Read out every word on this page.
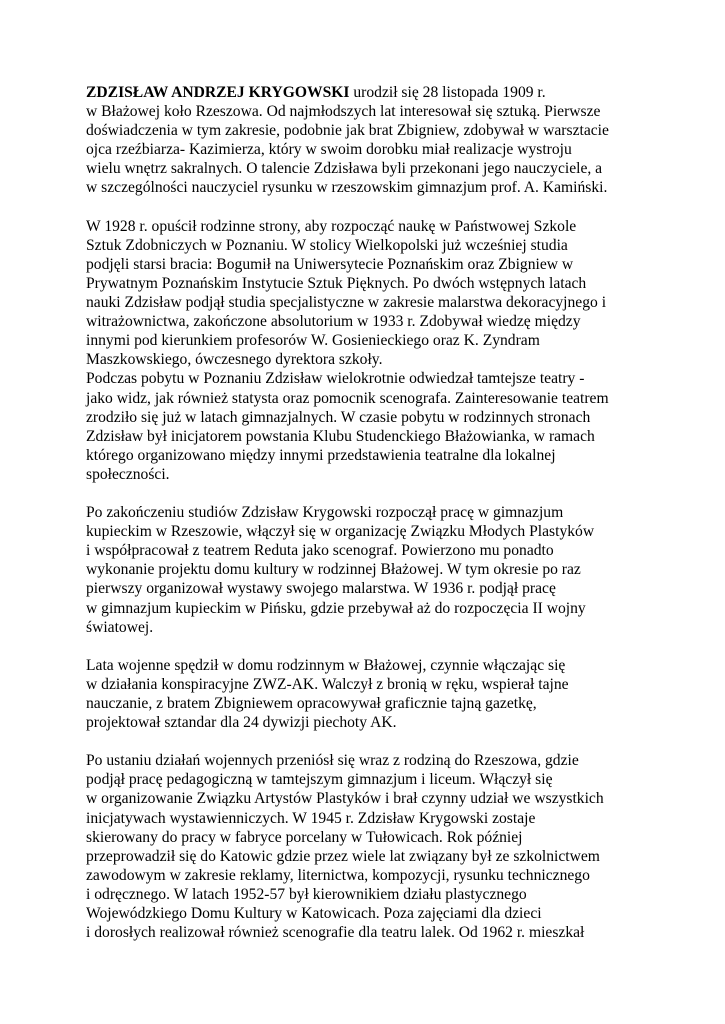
ZDZISŁAW ANDRZEJ KRYGOWSKI urodził się 28 listopada 1909 r.
w Błażowej koło Rzeszowa. Od najmłodszych lat interesował się sztuką. Pierwsze
doświadczenia w tym zakresie, podobnie jak brat Zbigniew, zdobywał w warsztacie
ojca rzeźbiarza- Kazimierza, który w swoim dorobku miał realizacje wystroju
wielu wnętrz sakralnych. O talencie Zdzisława byli przekonani jego nauczyciele, a
w szczególności nauczyciel rysunku w rzeszowskim gimnazjum prof. A. Kamiński.
W 1928 r. opuścił rodzinne strony, aby rozpocząć naukę w Państwowej Szkole
Sztuk Zdobniczych w Poznaniu. W stolicy Wielkopolski już wcześniej studia
podjęli starsi bracia: Bogumił na Uniwersytecie Poznańskim oraz Zbigniew w
Prywatnym Poznańskim Instytucie Sztuk Pięknych. Po dwóch wstępnych latach
nauki Zdzisław podjął studia specjalistyczne w zakresie malarstwa dekoracyjnego i
witrażownictwa, zakończone absolutorium w 1933 r. Zdobywał wiedzę między
innymi pod kierunkiem profesorów W. Gosienieckiego oraz K. Zyndram
Maszkowskiego, ówczesnego dyrektora szkoły.
Podczas pobytu w Poznaniu Zdzisław wielokrotnie odwiedzał tamtejsze teatry -
jako widz, jak również statysta oraz pomocnik scenografa. Zainteresowanie teatrem
zrodziło się już w latach gimnazjalnych. W czasie pobytu w rodzinnych stronach
Zdzisław był inicjatorem powstania Klubu Studenckiego Błażowianka, w ramach
którego organizowano między innymi przedstawienia teatralne dla lokalnej
społeczności.
Po zakończeniu studiów Zdzisław Krygowski rozpoczął pracę w gimnazjum
kupieckim w Rzeszowie, włączył się w organizację Związku Młodych Plastyków
i współpracował z teatrem Reduta jako scenograf. Powierzono mu ponadto
wykonanie projektu domu kultury w rodzinnej Błażowej. W tym okresie po raz
pierwszy organizował wystawy swojego malarstwa. W 1936 r. podjął pracę
w gimnazjum kupieckim w Pińsku, gdzie przebywał aż do rozpoczęcia II wojny
światowej.
Lata wojenne spędził w domu rodzinnym w Błażowej, czynnie włączając się
w działania konspiracyjne ZWZ-AK. Walczył z bronią w ręku, wspierał tajne
nauczanie, z bratem Zbigniewem opracowywał graficznie tajną gazetkę,
projektował sztandar dla 24 dywizji piechoty AK.
Po ustaniu działań wojennych przeniósł się wraz z rodziną do Rzeszowa, gdzie
podjął pracę pedagogiczną w tamtejszym gimnazjum i liceum. Włączył się
w organizowanie Związku Artystów Plastyków i brał czynny udział we wszystkich
inicjatywach wystawienniczych. W 1945 r. Zdzisław Krygowski zostaje
skierowany do pracy w fabryce porcelany w Tułowicach. Rok później
przeprowadził się do Katowic gdzie przez wiele lat związany był ze szkolnictwem
zawodowym w zakresie reklamy, liternictwa, kompozycji, rysunku technicznego
i odręcznego. W latach 1952-57 był kierownikiem działu plastycznego
Wojewódzkiego Domu Kultury w Katowicach. Poza zajęciami dla dzieci
i dorosłych realizował również scenografie dla teatru lalek. Od 1962 r. mieszkał
